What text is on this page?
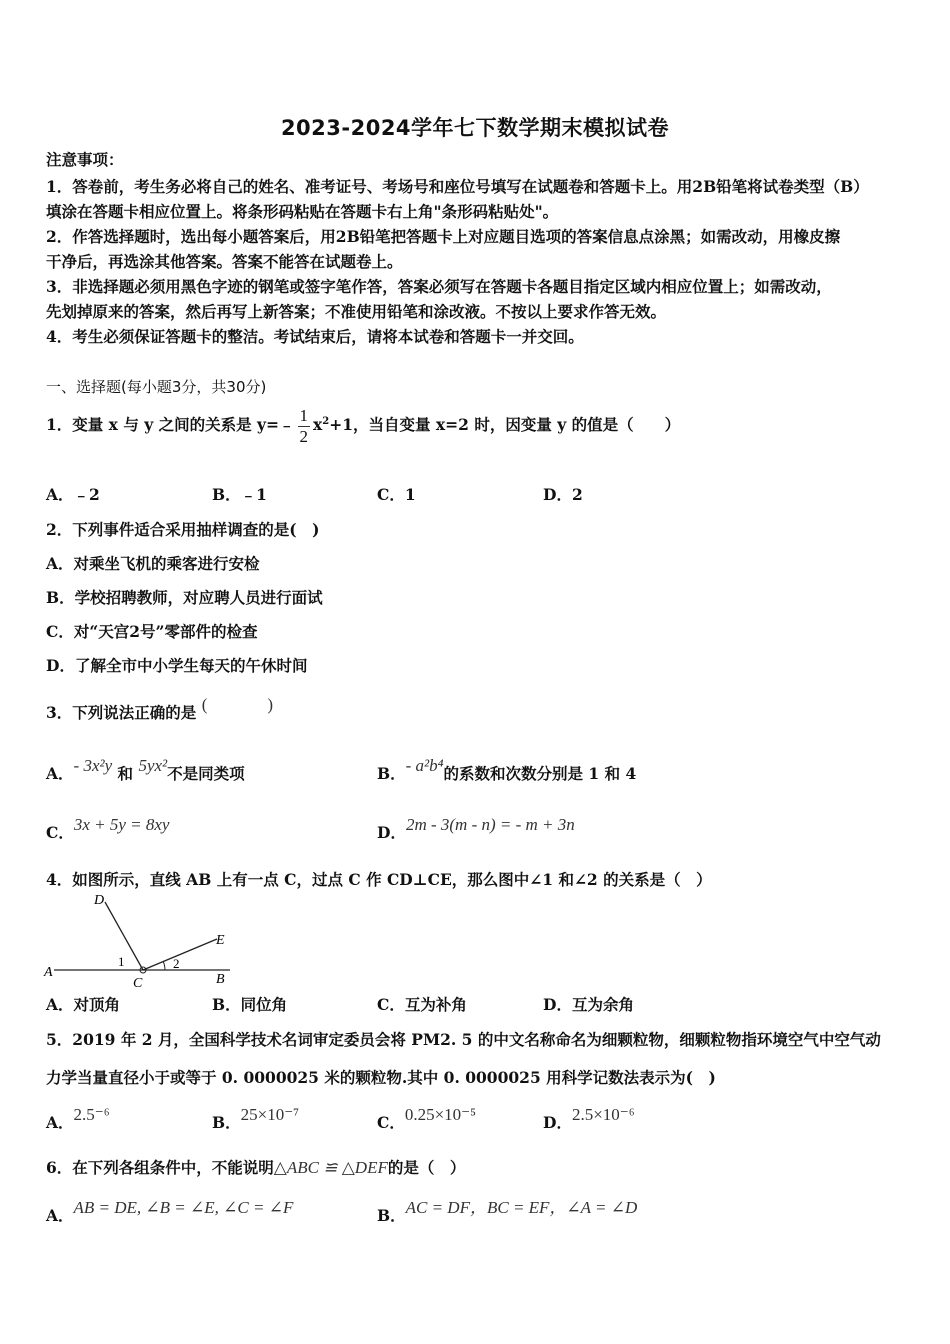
2023-2024学年七下数学期末模拟试卷
注意事项：
1．答卷前，考生务必将自己的姓名、准考证号、考场号和座位号填写在试题卷和答题卡上。用2B铅笔将试卷类型（B）
填涂在答题卡相应位置上。将条形码粘贴在答题卡右上角"条形码粘贴处"。
2．作答选择题时，选出每小题答案后，用2B铅笔把答题卡上对应题目选项的答案信息点涂黑；如需改动，用橡皮擦
干净后，再选涂其他答案。答案不能答在试题卷上。
3．非选择题必须用黑色字迹的钢笔或签字笔作答，答案必须写在答题卡各题目指定区域内相应位置上；如需改动，
先划掉原来的答案，然后再写上新答案；不准使用铅笔和涂改液。不按以上要求作答无效。
4．考生必须保证答题卡的整洁。考试结束后，请将本试卷和答题卡一并交回。
一、选择题(每小题3分，共30分)
1．变量 x 与 y 之间的关系是 y=﹣ $\frac{1}{2} x^2+1$，当自变量 x=2 时，因变量 y 的值是（　　）
A．﹣2	B．﹣1	C．1	D．2
2．下列事件适合采用抽样调查的是(　)
A．对乘坐飞机的乘客进行安检
B．学校招聘教师，对应聘人员进行面试
C．对“天宫2号”零部件的检查
D．了解全市中小学生每天的午休时间
3．下列说法正确的是 (	)
A．- 3x²y 和 5yx²不是同类项	B．- a²b⁴的系数和次数分别是 1 和 4
C．3x + 5y = 8xy	D．2m - 3(m - n) = - m + 3n
4．如图所示，直线 AB 上有一点 C，过点 C 作 CD⊥CE，那么图中∠1 和∠2 的关系是（　）
A	B
C
D
E
1	2
A．对顶角	B．同位角	C．互为补角	D．互为余角
5．2019 年 2 月，全国科学技术名词审定委员会将 PM2. 5 的中文名称命名为细颗粒物，细颗粒物指环境空气中空气动
力学当量直径小于或等于 0. 0000025 米的颗粒物.其中 0. 0000025 用科学记数法表示为(　)
A．2.5⁻⁶	B．25×10⁻⁷	C．0.25×10⁻⁵	D．2.5×10⁻⁶
6．在下列各组条件中，不能说明△ABC ≌ △DEF的是（　）
A．AB = DE, ∠B = ∠E, ∠C = ∠F	B．AC = DF，BC = EF，∠A = ∠D
